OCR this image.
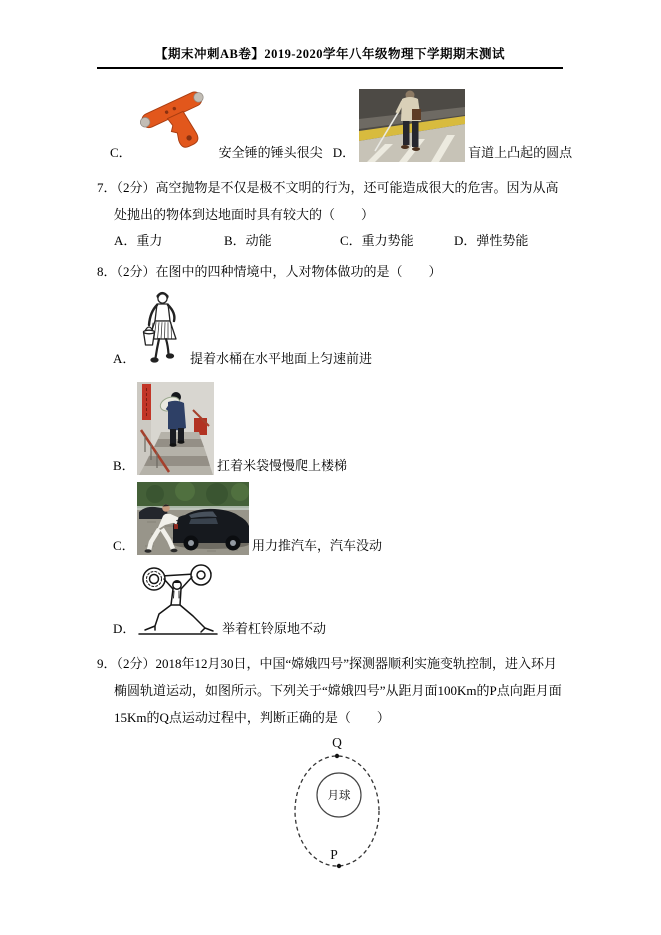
【期末冲刺AB卷】2019-2020学年八年级物理下学期期末测试
C．	安全锤的锤头很尖 D．	盲道上凸起的圆点

7．（2分）高空抛物是不仅是极不文明的行为，还可能造成很大的危害。因为从高处抛出的物体到达地面时具有较大的（　　）

A．重力	B．动能	C．重力势能	D．弹性势能

8．（2分）在图中的四种情境中，人对物体做功的是（　　）

A．	提着水桶在水平地面上匀速前进
B．	扛着米袋慢慢爬上楼梯
C．	用力推汽车，汽车没动
D．	举着杠铃原地不动

9．（2分）2018年12月30日，中国“嫦娥四号”探测器顺利实施变轨控制，进入环月椭圆轨道运动，如图所示。下列关于“嫦娥四号”从距月面100Km的P点向距月面15Km的Q点运动过程中，判断正确的是（　　）

Q
月球
P
